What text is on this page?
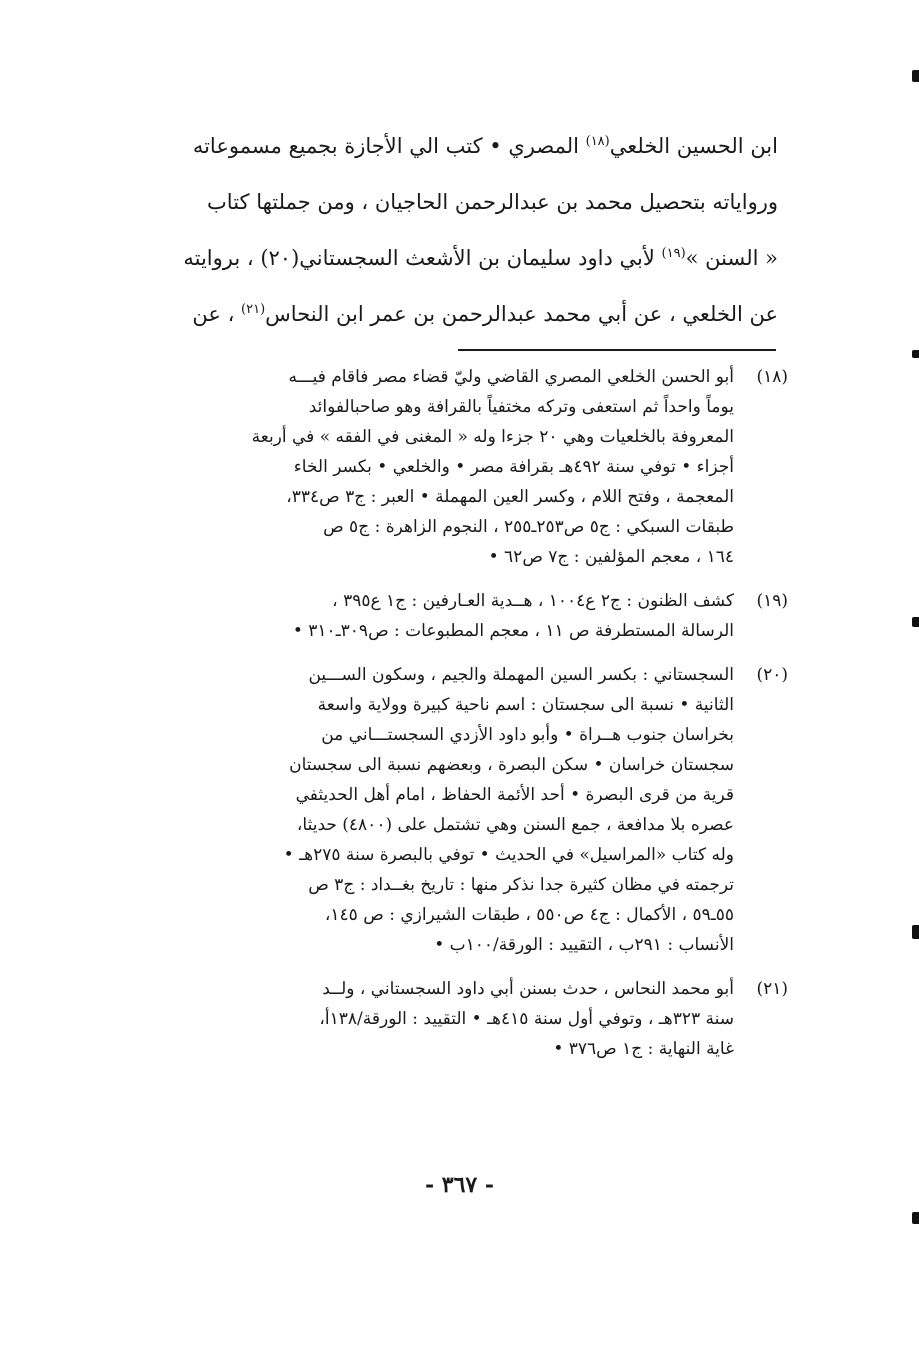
ابن الحسين الخلعي$^{(١٨)}$ المصري • كتب الي الأجازة بجميع مسموعاته
ورواياته بتحصيل محمد بن عبدالرحمن الحاجيان ، ومن جملتها كتاب
« السنن »$^{(١٩)}$ لأبي داود سليمان بن الأشعث السجستاني(٢٠) ، بروايته
عن الخلعي ، عن أبي محمد عبدالرحمن بن عمر ابن النحاس$^{(٢١)}$ ، عن
(١٨)
أبو الحسن الخلعي المصري القاضي وليّ قضاء مصر فاقام فيـــه
يوماً واحداً ثم استعفى وتركه مختفياً بالقرافة وهو صاحبالفوائد
المعروفة بالخلعيات وهي ٢٠ جزءا وله « المغنى في الفقه » في أربعة
أجزاء • توفي سنة ٤٩٢هـ بقرافة مصر • والخلعي • بكسر الخاء
المعجمة ، وفتح اللام ، وكسر العين المهملة • العبر : ج٣ ص٣٣٤،
طبقات السبكي : ج٥ ص٢٥٣ـ٢٥٥ ، النجوم الزاهرة : ج٥ ص
١٦٤ ، معجم المؤلفين : ج٧ ص٦٢ •
(١٩)
كشف الظنون : ج٢ ع١٠٠٤ ، هــدية العـارفين : ج١ ع٣٩٥ ،
الرسالة المستطرفة ص ١١ ، معجم المطبوعات : ص٣٠٩ـ٣١٠ •
(٢٠)
السجستاني : بكسر السين المهملة والجيم ، وسكون الســـين
الثانية • نسبة الى سجستان : اسم ناحية كبيرة وولاية واسعة
بخراسان جنوب هــراة • وأبو داود الأزدي السجستـــاني من
سجستان خراسان • سكن البصرة ، وبعضهم نسبة الى سجستان
قرية من قرى البصرة • أحد الأئمة الحفاظ ، امام أهل الحديثفي
عصره بلا مدافعة ، جمع السنن وهي تشتمل على (٤٨٠٠) حديثا،
وله كتاب «المراسيل» في الحديث • توفي بالبصرة سنة ٢٧٥هـ •
ترجمته في مظان كثيرة جدا نذكر منها : تاريخ بغــداد : ج٣ ص
٥٥ـ٥٩ ، الأكمال : ج٤ ص٥٥٠ ، طبقات الشيرازي : ص ١٤٥،
الأنساب : ٢٩١ب ، التقييد : الورقة/١٠٠ب •
(٢١)
أبو محمد النحاس ، حدث بسنن أبي داود السجستاني ، ولــد
سنة ٣٢٣هـ ، وتوفي أول سنة ٤١٥هـ • التقييد : الورقة/١٣٨أ،
غاية النهاية : ج١ ص٣٧٦ •
- ٣٦٧ -
